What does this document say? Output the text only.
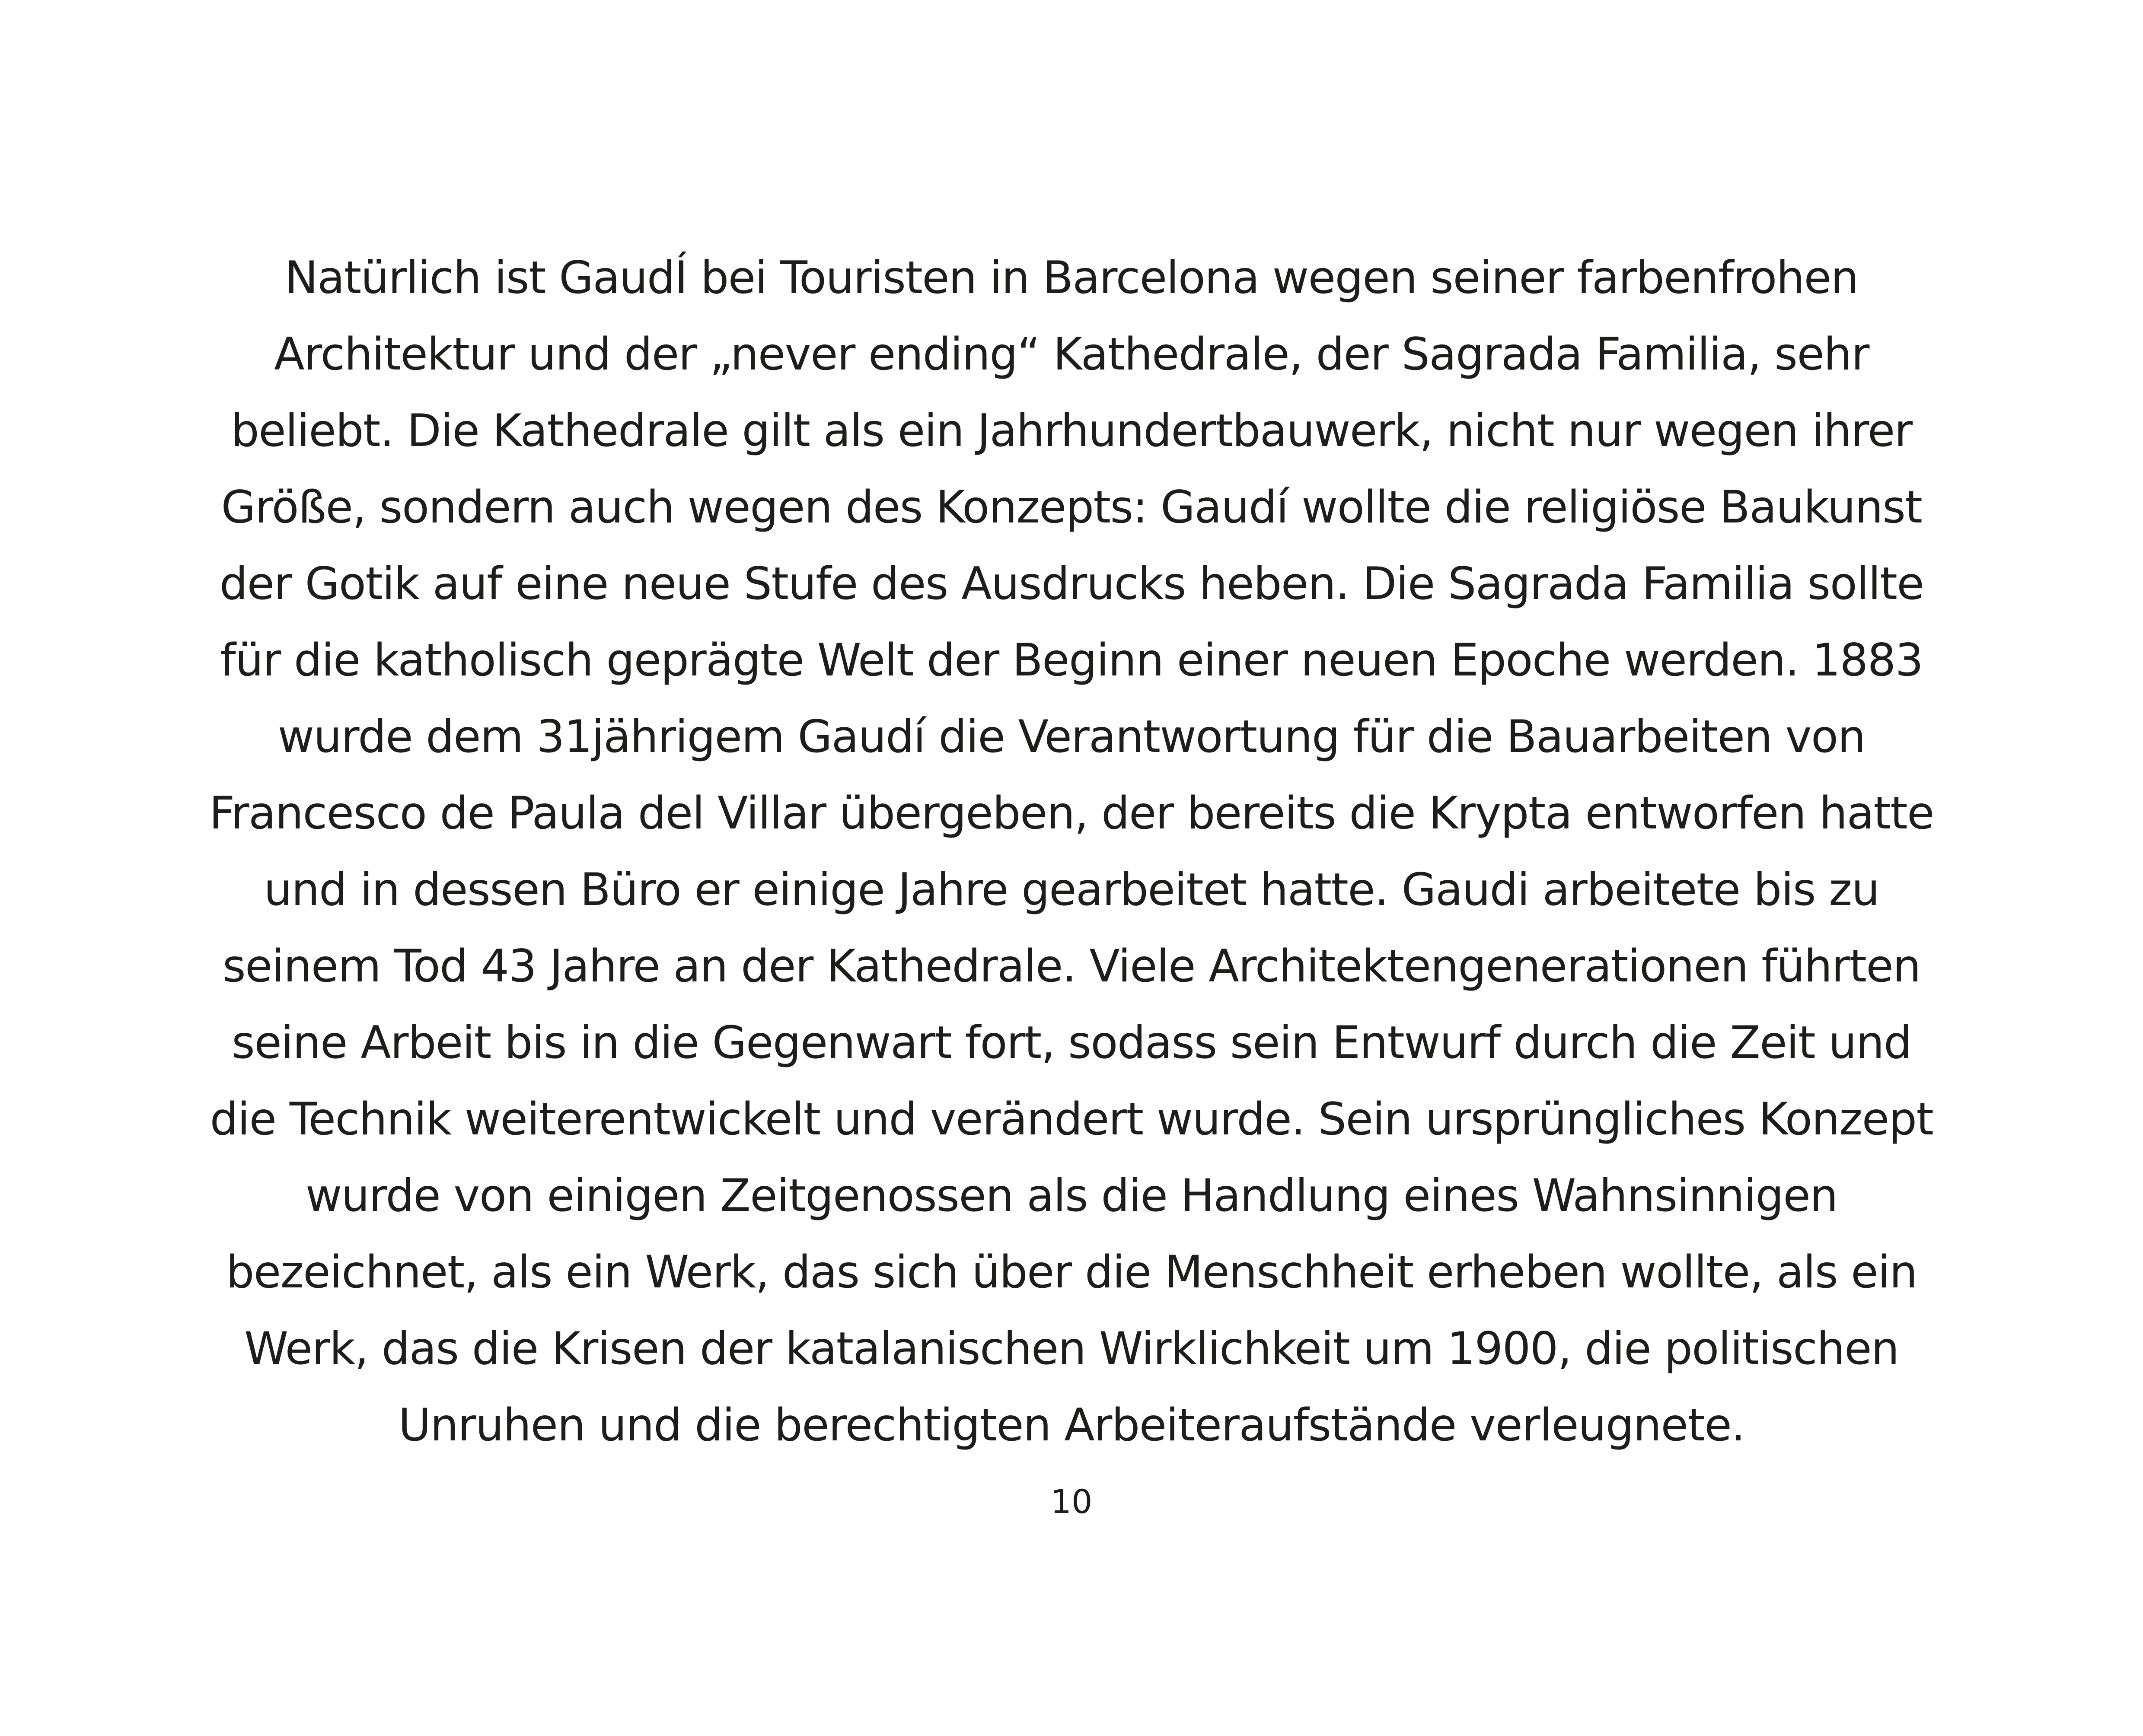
Natürlich ist GaudÍ bei Touristen in Barcelona wegen seiner farbenfrohen
Architektur und der „never ending“ Kathedrale, der Sagrada Familia, sehr
beliebt. Die Kathedrale gilt als ein Jahrhundertbauwerk, nicht nur wegen ihrer
Größe, sondern auch wegen des Konzepts: Gaudí wollte die religiöse Baukunst
der Gotik auf eine neue Stufe des Ausdrucks heben. Die Sagrada Familia sollte
für die katholisch geprägte Welt der Beginn einer neuen Epoche werden. 1883
wurde dem 31jährigem Gaudí die Verantwortung für die Bauarbeiten von
Francesco de Paula del Villar übergeben, der bereits die Krypta entworfen hatte
und in dessen Büro er einige Jahre gearbeitet hatte. Gaudi arbeitete bis zu
seinem Tod 43 Jahre an der Kathedrale. Viele Architektengenerationen führten
seine Arbeit bis in die Gegenwart fort, sodass sein Entwurf durch die Zeit und
die Technik weiterentwickelt und verändert wurde. Sein ursprüngliches Konzept
wurde von einigen Zeitgenossen als die Handlung eines Wahnsinnigen
bezeichnet, als ein Werk, das sich über die Menschheit erheben wollte, als ein
Werk, das die Krisen der katalanischen Wirklichkeit um 1900, die politischen
Unruhen und die berechtigten Arbeiteraufstände verleugnete.

10
